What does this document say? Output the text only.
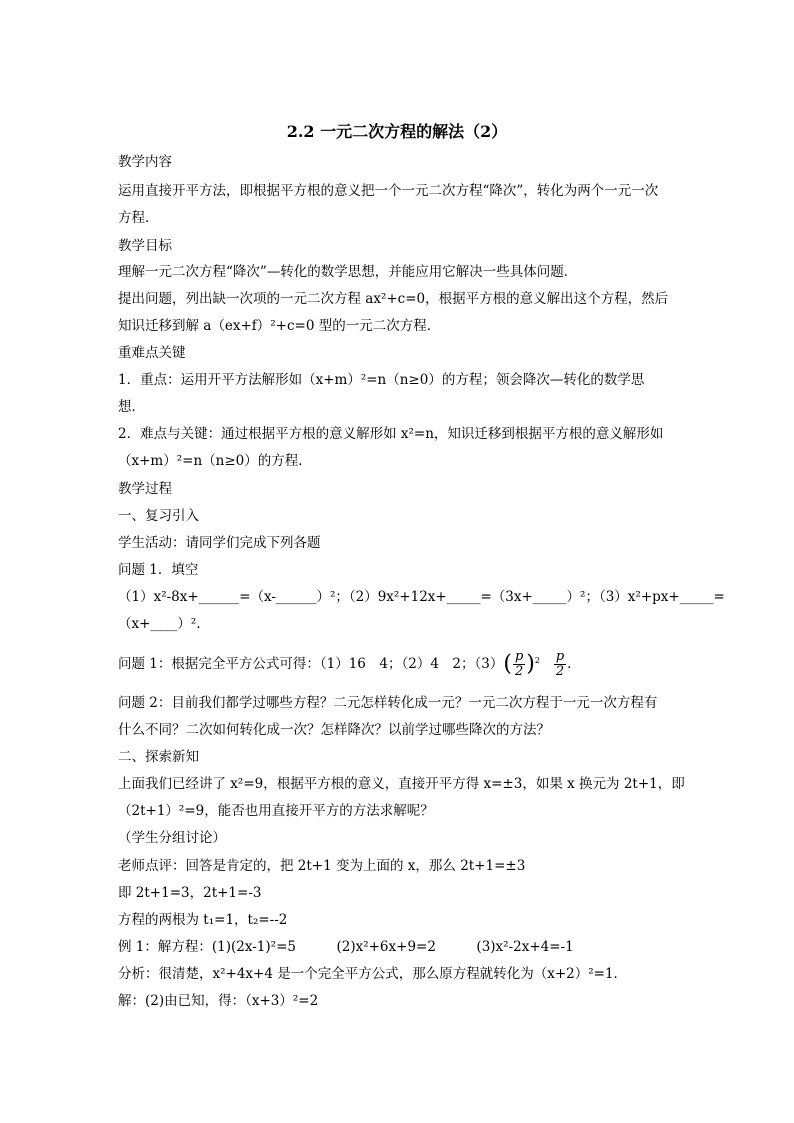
2.2 一元二次方程的解法（2）
教学内容
运用直接开平方法，即根据平方根的意义把一个一元二次方程“降次”，转化为两个一元一次
方程．
教学目标
理解一元二次方程“降次”—转化的数学思想，并能应用它解决一些具体问题．
提出问题，列出缺一次项的一元二次方程 ax²+c=0，根据平方根的意义解出这个方程，然后
知识迁移到解 a（ex+f）²+c=0 型的一元二次方程．
重难点关键
1．重点：运用开平方法解形如（x+m）²=n（n≥0）的方程；领会降次—转化的数学思
想．
2．难点与关键：通过根据平方根的意义解形如 x²=n，知识迁移到根据平方根的意义解形如
（x+m）²=n（n≥0）的方程．
教学过程
一、复习引入
学生活动：请同学们完成下列各题
问题 1．填空
（1）x²-8x+______=（x-______）²；（2）9x²+12x+_____=（3x+_____）²；（3）x²+px+_____=
（x+____）²．
问题 1：根据完全平方公式可得：（1）16　4；（2）4　2；$(3)( \frac{p}{2} )^2 \frac{p}{2}$ .
问题 2：目前我们都学过哪些方程？二元怎样转化成一元？一元二次方程于一元一次方程有
什么不同？二次如何转化成一次？怎样降次？以前学过哪些降次的方法？
二、探索新知
上面我们已经讲了 x²=9，根据平方根的意义，直接开平方得 x=±3，如果 x 换元为 2t+1，即
（2t+1）²=9，能否也用直接开平方的方法求解呢？
（学生分组讨论）
老师点评：回答是肯定的，把 2t+1 变为上面的 x，那么 2t+1=±3
即 2t+1=3，2t+1=-3
方程的两根为 t₁=1，t₂=--2
例 1：解方程：(1)(2x-1)²=5　　　(2)x²+6x+9=2　　　(3)x²-2x+4=-1
分析：很清楚，x²+4x+4 是一个完全平方公式，那么原方程就转化为（x+2）²=1．
解：(2)由已知，得：（x+3）²=2
